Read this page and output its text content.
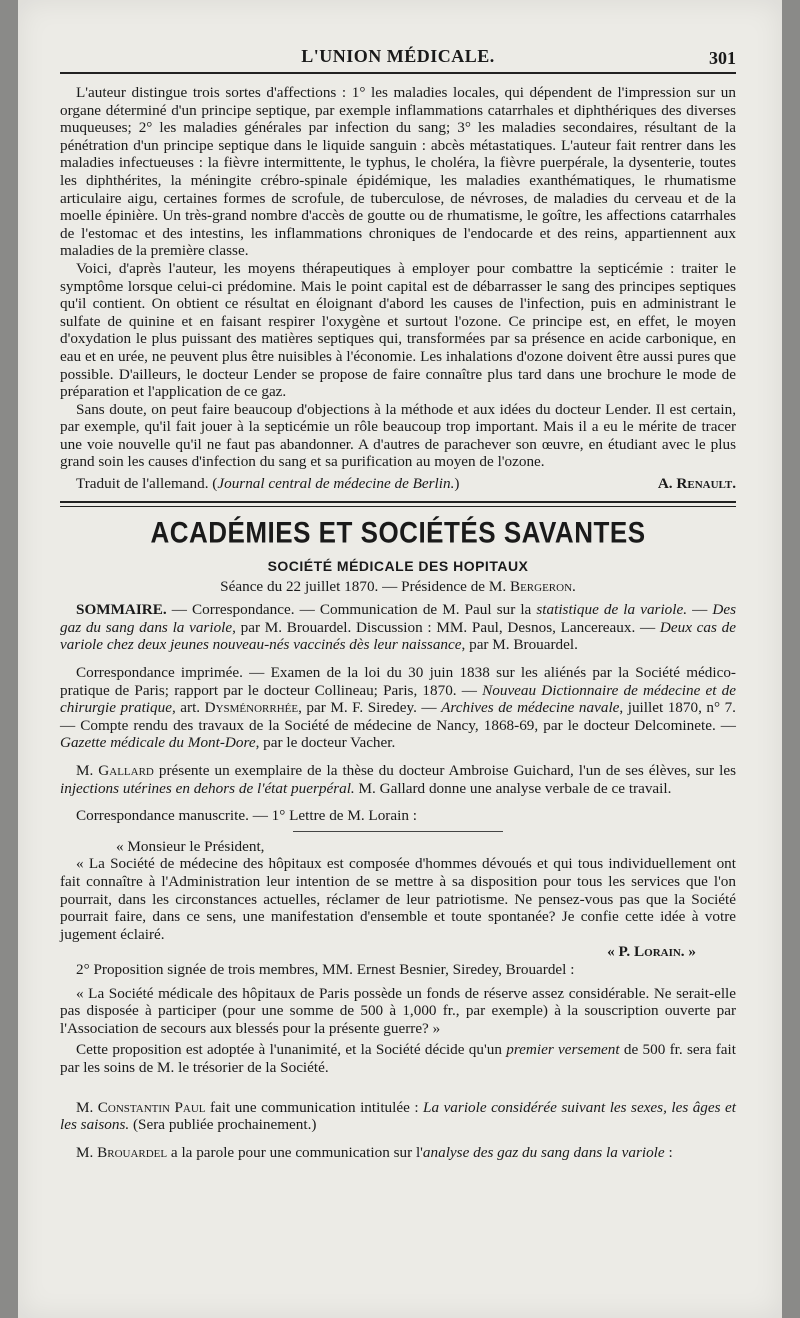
L'UNION MÉDICALE.	301

L'auteur distingue trois sortes d'affections : 1° les maladies locales, qui dépendent de l'impression sur un organe déterminé d'un principe septique, par exemple inflammations catarrhales et diphthériques des diverses muqueuses; 2° les maladies générales par infection du sang; 3° les maladies secondaires, résultant de la pénétration d'un principe septique dans le liquide sanguin : abcès métastatiques. L'auteur fait rentrer dans les maladies infectueuses : la fièvre intermittente, le typhus, le choléra, la fièvre puerpérale, la dysenterie, toutes les diphthérites, la méningite crébro-spinale épidémique, les maladies exanthématiques, le rhumatisme articulaire aigu, certaines formes de scrofule, de tuberculose, de névroses, de maladies du cerveau et de la moelle épinière. Un très-grand nombre d'accès de goutte ou de rhumatisme, le goître, les affections catarrhales de l'estomac et des intestins, les inflammations chroniques de l'endocarde et des reins, appartiennent aux maladies de la première classe.

Voici, d'après l'auteur, les moyens thérapeutiques à employer pour combattre la septicémie : traiter le symptôme lorsque celui-ci prédomine. Mais le point capital est de débarrasser le sang des principes septiques qu'il contient. On obtient ce résultat en éloignant d'abord les causes de l'infection, puis en administrant le sulfate de quinine et en faisant respirer l'oxygène et surtout l'ozone. Ce principe est, en effet, le moyen d'oxydation le plus puissant des matières septiques qui, transformées par sa présence en acide carbonique, en eau et en urée, ne peuvent plus être nuisibles à l'économie. Les inhalations d'ozone doivent être aussi pures que possible. D'ailleurs, le docteur Lender se propose de faire connaître plus tard dans une brochure le mode de préparation et l'application de ce gaz.

Sans doute, on peut faire beaucoup d'objections à la méthode et aux idées du docteur Lender. Il est certain, par exemple, qu'il fait jouer à la septicémie un rôle beaucoup trop important. Mais il a eu le mérite de tracer une voie nouvelle qu'il ne faut pas abandonner. A d'autres de parachever son œuvre, en étudiant avec le plus grand soin les causes d'infection du sang et sa purification au moyen de l'ozone.

Traduit de l'allemand. (Journal central de médecine de Berlin.)	A. Renault.

ACADÉMIES ET SOCIÉTÉS SAVANTES
SOCIÉTÉ MÉDICALE DES HOPITAUX

Séance du 22 juillet 1870. — Présidence de M. Bergeron.

SOMMAIRE. — Correspondance. — Communication de M. Paul sur la statistique de la variole. — Des gaz du sang dans la variole, par M. Brouardel. Discussion : MM. Paul, Desnos, Lancereaux. — Deux cas de variole chez deux jeunes nouveau-nés vaccinés dès leur naissance, par M. Brouardel.

Correspondance imprimée. — Examen de la loi du 30 juin 1838 sur les aliénés par la Société médico-pratique de Paris; rapport par le docteur Collineau; Paris, 1870. — Nouveau Dictionnaire de médecine et de chirurgie pratique, art. Dysménorrhée, par M. F. Siredey. — Archives de médecine navale, juillet 1870, n° 7. — Compte rendu des travaux de la Société de médecine de Nancy, 1868-69, par le docteur Delcominete. — Gazette médicale du Mont-Dore, par le docteur Vacher.

M. Gallard présente un exemplaire de la thèse du docteur Ambroise Guichard, l'un de ses élèves, sur les injections utérines en dehors de l'état puerpéral. M. Gallard donne une analyse verbale de ce travail.

Correspondance manuscrite. — 1° Lettre de M. Lorain :

« Monsieur le Président,

« La Société de médecine des hôpitaux est composée d'hommes dévoués et qui tous individuellement ont fait connaître à l'Administration leur intention de se mettre à sa disposition pour tous les services que l'on pourrait, dans les circonstances actuelles, réclamer de leur patriotisme. Ne pensez-vous pas que la Société pourrait faire, dans ce sens, une manifestation d'ensemble et toute spontanée? Je confie cette idée à votre jugement éclairé.

« P. Lorain. »

2° Proposition signée de trois membres, MM. Ernest Besnier, Siredey, Brouardel :

« La Société médicale des hôpitaux de Paris possède un fonds de réserve assez considérable. Ne serait-elle pas disposée à participer (pour une somme de 500 à 1,000 fr., par exemple) à la souscription ouverte par l'Association de secours aux blessés pour la présente guerre? »

Cette proposition est adoptée à l'unanimité, et la Société décide qu'un premier versement de 500 fr. sera fait par les soins de M. le trésorier de la Société.

M. Constantin Paul fait une communication intitulée : La variole considérée suivant les sexes, les âges et les saisons. (Sera publiée prochainement.)

M. Brouardel a la parole pour une communication sur l'analyse des gaz du sang dans la variole :
